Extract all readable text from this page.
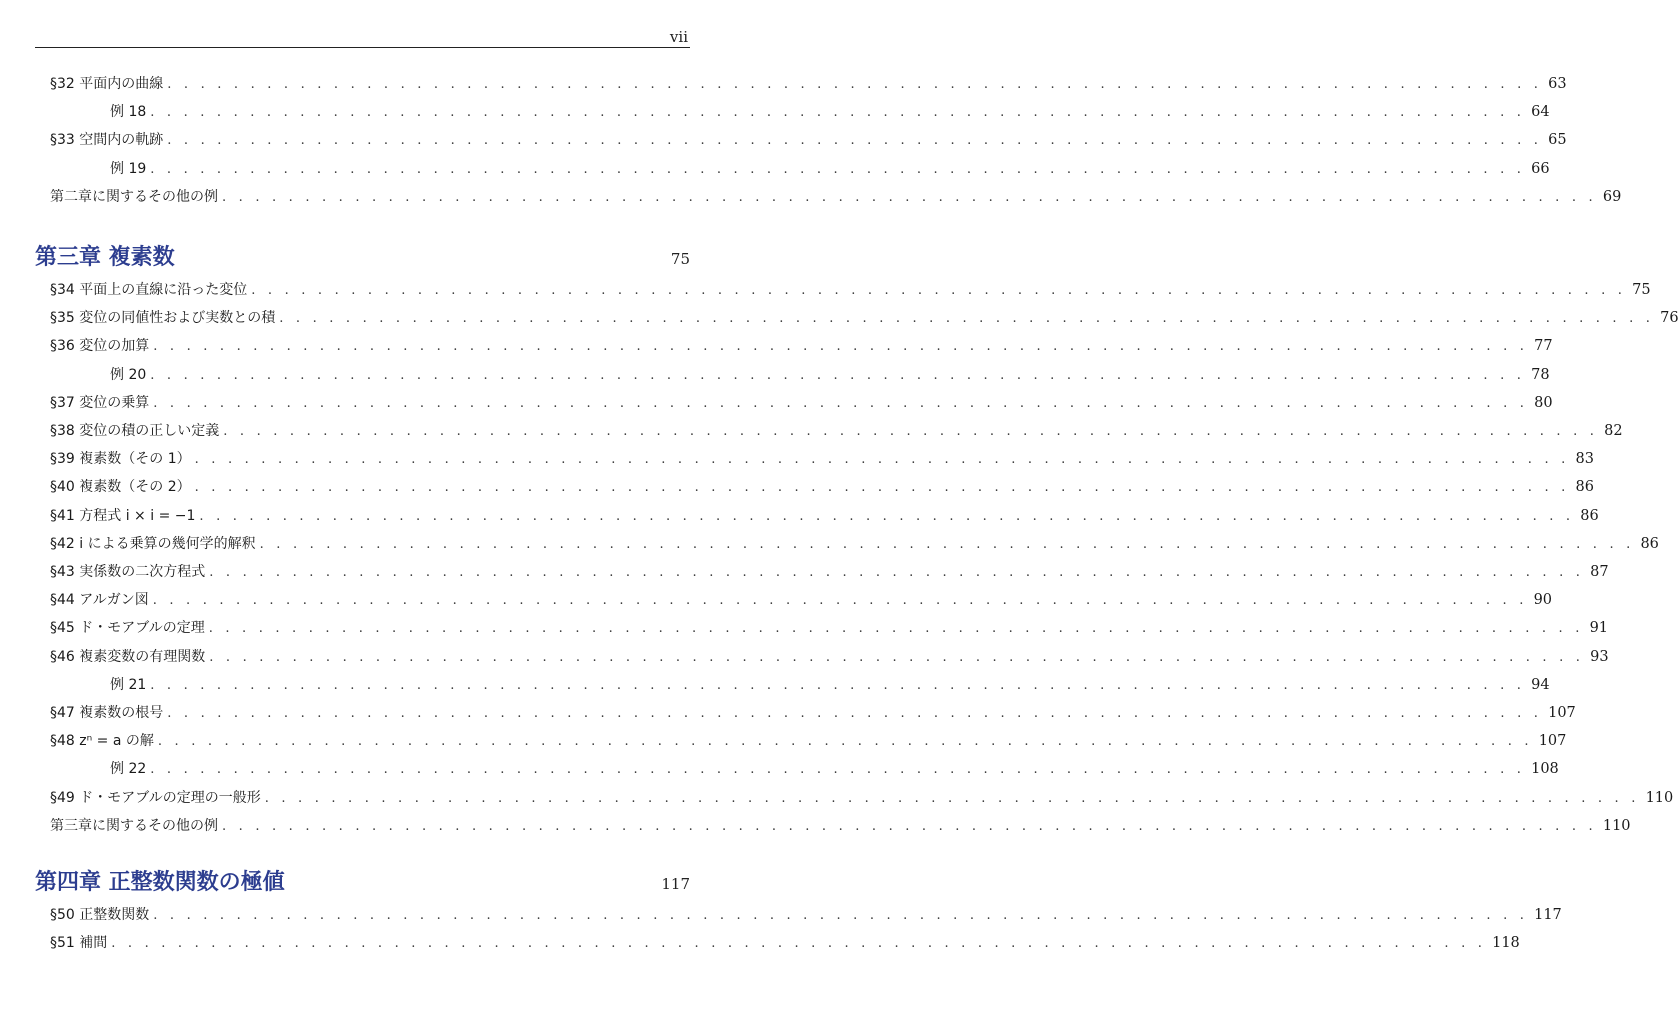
vii
§32 平面内の曲線 . . . . . . . . . . . . . . . . . . . . . . . . . . . . . . . . . . . . . . . . . . . . . . . . . . . . . . . . . . . . . . . . . . . . . . . . . . . . . . . . . . . 63
例 18 . . . . . . . . . . . . . . . . . . . . . . . . . . . . . . . . . . . . . . . . . . . . . . . . . . . . . . . . . . . . . . . . . . . . . . . . . . . . . . . . . . . 64
§33 空間内の軌跡 . . . . . . . . . . . . . . . . . . . . . . . . . . . . . . . . . . . . . . . . . . . . . . . . . . . . . . . . . . . . . . . . . . . . . . . . . . . . . . . . . . . 65
例 19 . . . . . . . . . . . . . . . . . . . . . . . . . . . . . . . . . . . . . . . . . . . . . . . . . . . . . . . . . . . . . . . . . . . . . . . . . . . . . . . . . . . 66
第二章に関するその他の例 . . . . . . . . . . . . . . . . . . . . . . . . . . . . . . . . . . . . . . . . . . . . . . . . . . . . . . . . . . . . . . . . . . . . . . . . . . . . . . . . . . . 69
第三章 複素数	75
§34 平面上の直線に沿った変位 . . . . . . . . . . . . . . . . . . . . . . . . . . . . . . . . . . . . . . . . . . . . . . . . . . . . . . . . . . . . . . . . . . . . . . . . . . . . . . . . . . . 75
§35 変位の同値性および実数との積 . . . . . . . . . . . . . . . . . . . . . . . . . . . . . . . . . . . . . . . . . . . . . . . . . . . . . . . . . . . . . . . . . . . . . . . . . . . . . . . . . . . 76
§36 変位の加算 . . . . . . . . . . . . . . . . . . . . . . . . . . . . . . . . . . . . . . . . . . . . . . . . . . . . . . . . . . . . . . . . . . . . . . . . . . . . . . . . . . . 77
例 20 . . . . . . . . . . . . . . . . . . . . . . . . . . . . . . . . . . . . . . . . . . . . . . . . . . . . . . . . . . . . . . . . . . . . . . . . . . . . . . . . . . . 78
§37 変位の乗算 . . . . . . . . . . . . . . . . . . . . . . . . . . . . . . . . . . . . . . . . . . . . . . . . . . . . . . . . . . . . . . . . . . . . . . . . . . . . . . . . . . . 80
§38 変位の積の正しい定義 . . . . . . . . . . . . . . . . . . . . . . . . . . . . . . . . . . . . . . . . . . . . . . . . . . . . . . . . . . . . . . . . . . . . . . . . . . . . . . . . . . . 82
§39 複素数（その 1） . . . . . . . . . . . . . . . . . . . . . . . . . . . . . . . . . . . . . . . . . . . . . . . . . . . . . . . . . . . . . . . . . . . . . . . . . . . . . . . . . . . 83
§40 複素数（その 2） . . . . . . . . . . . . . . . . . . . . . . . . . . . . . . . . . . . . . . . . . . . . . . . . . . . . . . . . . . . . . . . . . . . . . . . . . . . . . . . . . . . 86
§41 方程式 i × i = −1 . . . . . . . . . . . . . . . . . . . . . . . . . . . . . . . . . . . . . . . . . . . . . . . . . . . . . . . . . . . . . . . . . . . . . . . . . . . . . . . . . . . 86
§42 i による乗算の幾何学的解釈 . . . . . . . . . . . . . . . . . . . . . . . . . . . . . . . . . . . . . . . . . . . . . . . . . . . . . . . . . . . . . . . . . . . . . . . . . . . . . . . . . . . 86
§43 実係数の二次方程式 . . . . . . . . . . . . . . . . . . . . . . . . . . . . . . . . . . . . . . . . . . . . . . . . . . . . . . . . . . . . . . . . . . . . . . . . . . . . . . . . . . . 87
§44 アルガン図 . . . . . . . . . . . . . . . . . . . . . . . . . . . . . . . . . . . . . . . . . . . . . . . . . . . . . . . . . . . . . . . . . . . . . . . . . . . . . . . . . . . 90
§45 ド・モアブルの定理 . . . . . . . . . . . . . . . . . . . . . . . . . . . . . . . . . . . . . . . . . . . . . . . . . . . . . . . . . . . . . . . . . . . . . . . . . . . . . . . . . . . 91
§46 複素変数の有理関数 . . . . . . . . . . . . . . . . . . . . . . . . . . . . . . . . . . . . . . . . . . . . . . . . . . . . . . . . . . . . . . . . . . . . . . . . . . . . . . . . . . . 93
例 21 . . . . . . . . . . . . . . . . . . . . . . . . . . . . . . . . . . . . . . . . . . . . . . . . . . . . . . . . . . . . . . . . . . . . . . . . . . . . . . . . . . . 94
§47 複素数の根号 . . . . . . . . . . . . . . . . . . . . . . . . . . . . . . . . . . . . . . . . . . . . . . . . . . . . . . . . . . . . . . . . . . . . . . . . . . . . . . . . . . . 107
§48 zⁿ = a の解 . . . . . . . . . . . . . . . . . . . . . . . . . . . . . . . . . . . . . . . . . . . . . . . . . . . . . . . . . . . . . . . . . . . . . . . . . . . . . . . . . . . 107
例 22 . . . . . . . . . . . . . . . . . . . . . . . . . . . . . . . . . . . . . . . . . . . . . . . . . . . . . . . . . . . . . . . . . . . . . . . . . . . . . . . . . . . 108
§49 ド・モアブルの定理の一般形 . . . . . . . . . . . . . . . . . . . . . . . . . . . . . . . . . . . . . . . . . . . . . . . . . . . . . . . . . . . . . . . . . . . . . . . . . . . . . . . . . . . 110
第三章に関するその他の例 . . . . . . . . . . . . . . . . . . . . . . . . . . . . . . . . . . . . . . . . . . . . . . . . . . . . . . . . . . . . . . . . . . . . . . . . . . . . . . . . . . . 110
第四章 正整数関数の極値	117
§50 正整数関数 . . . . . . . . . . . . . . . . . . . . . . . . . . . . . . . . . . . . . . . . . . . . . . . . . . . . . . . . . . . . . . . . . . . . . . . . . . . . . . . . . . . 117
§51 補間 . . . . . . . . . . . . . . . . . . . . . . . . . . . . . . . . . . . . . . . . . . . . . . . . . . . . . . . . . . . . . . . . . . . . . . . . . . . . . . . . . . . 118
